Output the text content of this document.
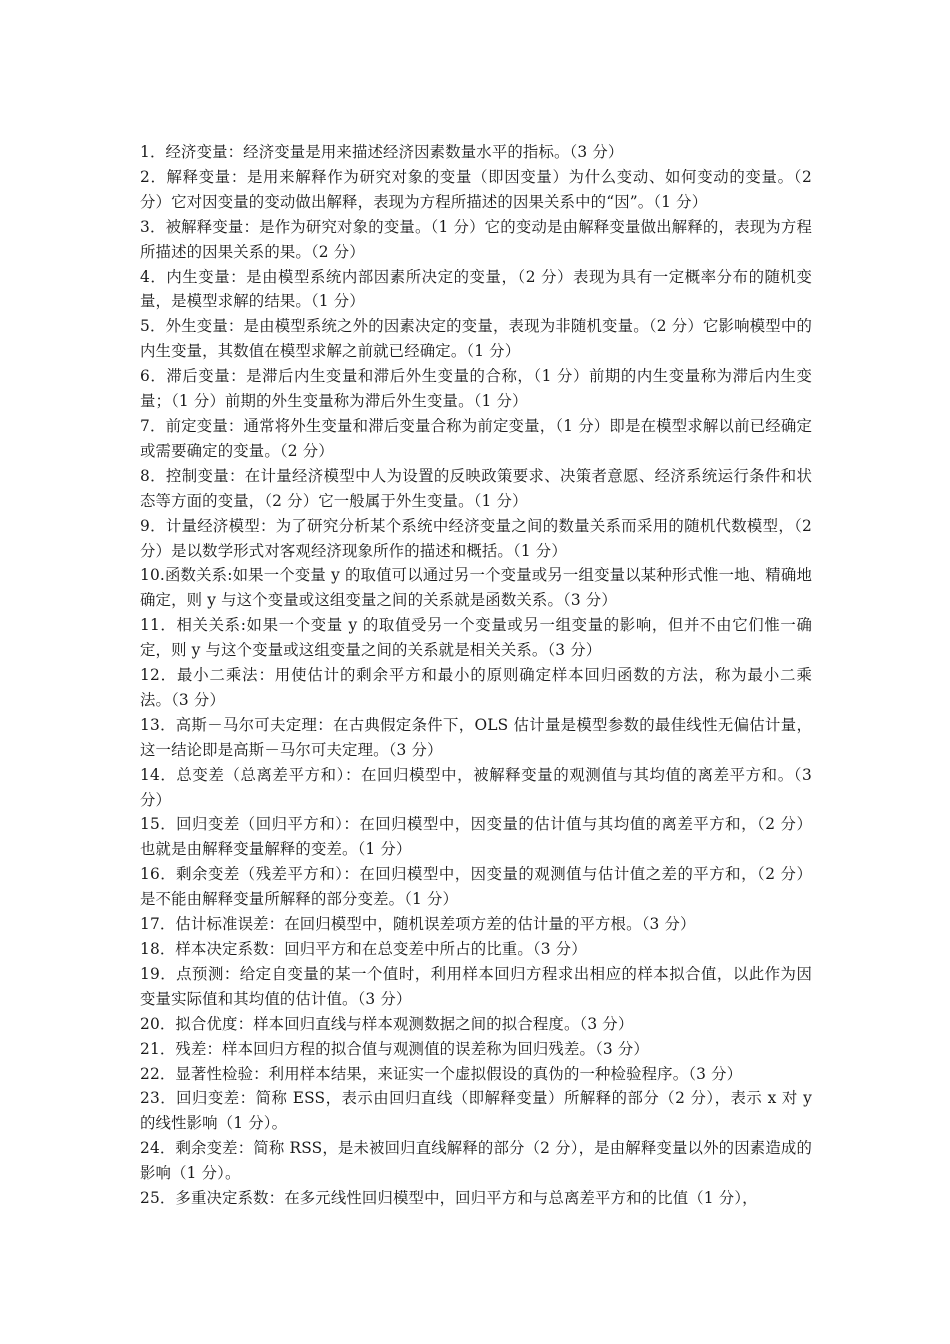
1．经济变量：经济变量是用来描述经济因素数量水平的指标。（3 分）

2．解释变量：是用来解释作为研究对象的变量（即因变量）为什么变动、如何变动的变量。（2 分）它对因变量的变动做出解释，表现为方程所描述的因果关系中的“因”。（1 分）

3．被解释变量：是作为研究对象的变量。（1 分）它的变动是由解释变量做出解释的，表现为方程所描述的因果关系的果。（2 分）

4．内生变量：是由模型系统内部因素所决定的变量，（2 分）表现为具有一定概率分布的随机变量，是模型求解的结果。（1 分）

5．外生变量：是由模型系统之外的因素决定的变量，表现为非随机变量。（2 分）它影响模型中的内生变量，其数值在模型求解之前就已经确定。（1 分）

6．滞后变量：是滞后内生变量和滞后外生变量的合称，（1 分）前期的内生变量称为滞后内生变量；（1 分）前期的外生变量称为滞后外生变量。（1 分）

7．前定变量：通常将外生变量和滞后变量合称为前定变量，（1 分）即是在模型求解以前已经确定或需要确定的变量。（2 分）

8．控制变量：在计量经济模型中人为设置的反映政策要求、决策者意愿、经济系统运行条件和状态等方面的变量，（2 分）它一般属于外生变量。（1 分）

9．计量经济模型：为了研究分析某个系统中经济变量之间的数量关系而采用的随机代数模型，（2 分）是以数学形式对客观经济现象所作的描述和概括。（1 分）

10.函数关系:如果一个变量 y 的取值可以通过另一个变量或另一组变量以某种形式惟一地、精确地确定，则 y 与这个变量或这组变量之间的关系就是函数关系。（3 分）

11．相关关系:如果一个变量 y 的取值受另一个变量或另一组变量的影响，但并不由它们惟一确定，则 y 与这个变量或这组变量之间的关系就是相关关系。（3 分）

12．最小二乘法：用使估计的剩余平方和最小的原则确定样本回归函数的方法，称为最小二乘法。（3 分）

13．高斯－马尔可夫定理：在古典假定条件下，OLS 估计量是模型参数的最佳线性无偏估计量，这一结论即是高斯－马尔可夫定理。（3 分）

14．总变差（总离差平方和）：在回归模型中，被解释变量的观测值与其均值的离差平方和。（3 分）

15．回归变差（回归平方和）：在回归模型中，因变量的估计值与其均值的离差平方和，（2 分）也就是由解释变量解释的变差。（1 分）

16．剩余变差（残差平方和）：在回归模型中，因变量的观测值与估计值之差的平方和，（2 分）是不能由解释变量所解释的部分变差。（1 分）

17．估计标准误差：在回归模型中，随机误差项方差的估计量的平方根。（3 分）

18．样本决定系数：回归平方和在总变差中所占的比重。（3 分）

19．点预测：给定自变量的某一个值时，利用样本回归方程求出相应的样本拟合值，以此作为因变量实际值和其均值的估计值。（3 分）

20．拟合优度：样本回归直线与样本观测数据之间的拟合程度。（3 分）

21．残差：样本回归方程的拟合值与观测值的误差称为回归残差。（3 分）

22．显著性检验：利用样本结果，来证实一个虚拟假设的真伪的一种检验程序。（3 分）

23．回归变差：简称 ESS，表示由回归直线（即解释变量）所解释的部分（2 分），表示 x 对 y 的线性影响（1 分）。

24．剩余变差：简称 RSS，是未被回归直线解释的部分（2 分），是由解释变量以外的因素造成的影响（1 分）。

25．多重决定系数：在多元线性回归模型中，回归平方和与总离差平方和的比值（1 分），
